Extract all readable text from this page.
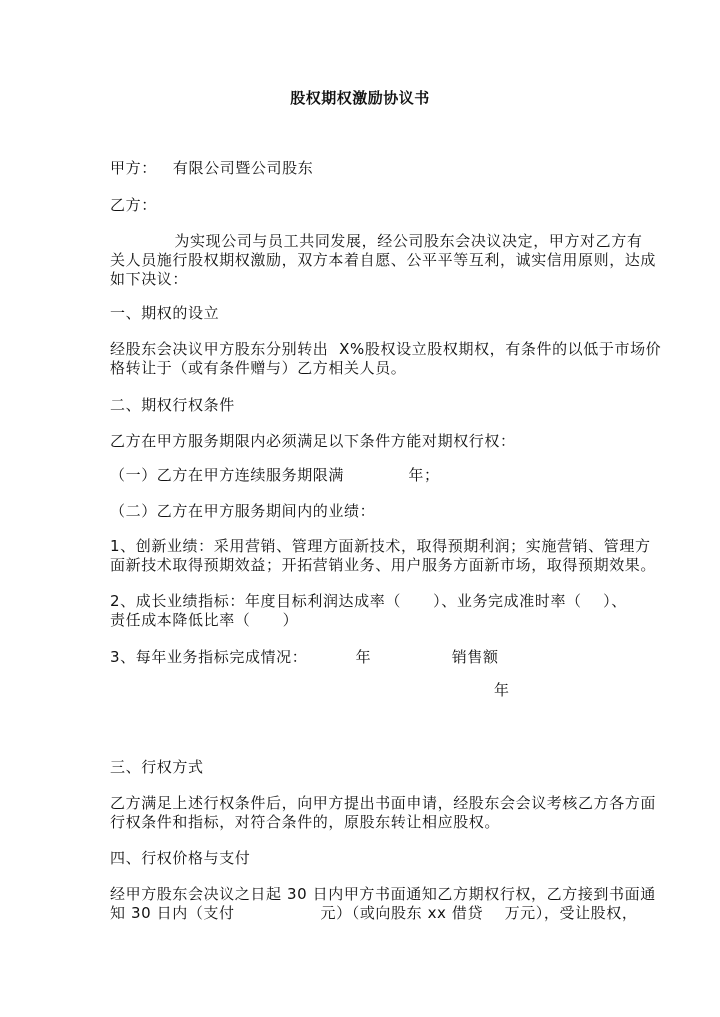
股权期权激励协议书
甲方：   有限公司暨公司股东
乙方：
为实现公司与员工共同发展，经公司股东会决议决定，甲方对乙方有
关人员施行股权期权激励，双方本着自愿、公平平等互利，诚实信用原则，达成
如下决议：
一、期权的设立
经股东会决议甲方股东分别转出  X%股权设立股权期权，有条件的以低于市场价
格转让于（或有条件赠与）乙方相关人员。
二、期权行权条件
乙方在甲方服务期限内必须满足以下条件方能对期权行权：
（一）乙方在甲方连续服务期限满            年；
（二）乙方在甲方服务期间内的业绩：
1、创新业绩：采用营销、管理方面新技术，取得预期利润；实施营销、管理方
面新技术取得预期效益；开拓营销业务、用户服务方面新市场，取得预期效果。
2、成长业绩指标：年度目标利润达成率（      ）、业务完成准时率（    ）、
责任成本降低比率（      ）
3、每年业务指标完成情况：         年               销售额
年
三、行权方式
乙方满足上述行权条件后，向甲方提出书面申请，经股东会会议考核乙方各方面
行权条件和指标，对符合条件的，原股东转让相应股权。
四、行权价格与支付
经甲方股东会决议之日起 30 日内甲方书面通知乙方期权行权，乙方接到书面通
知 30 日内（支付                元）（或向股东 xx 借贷    万元），受让股权，
